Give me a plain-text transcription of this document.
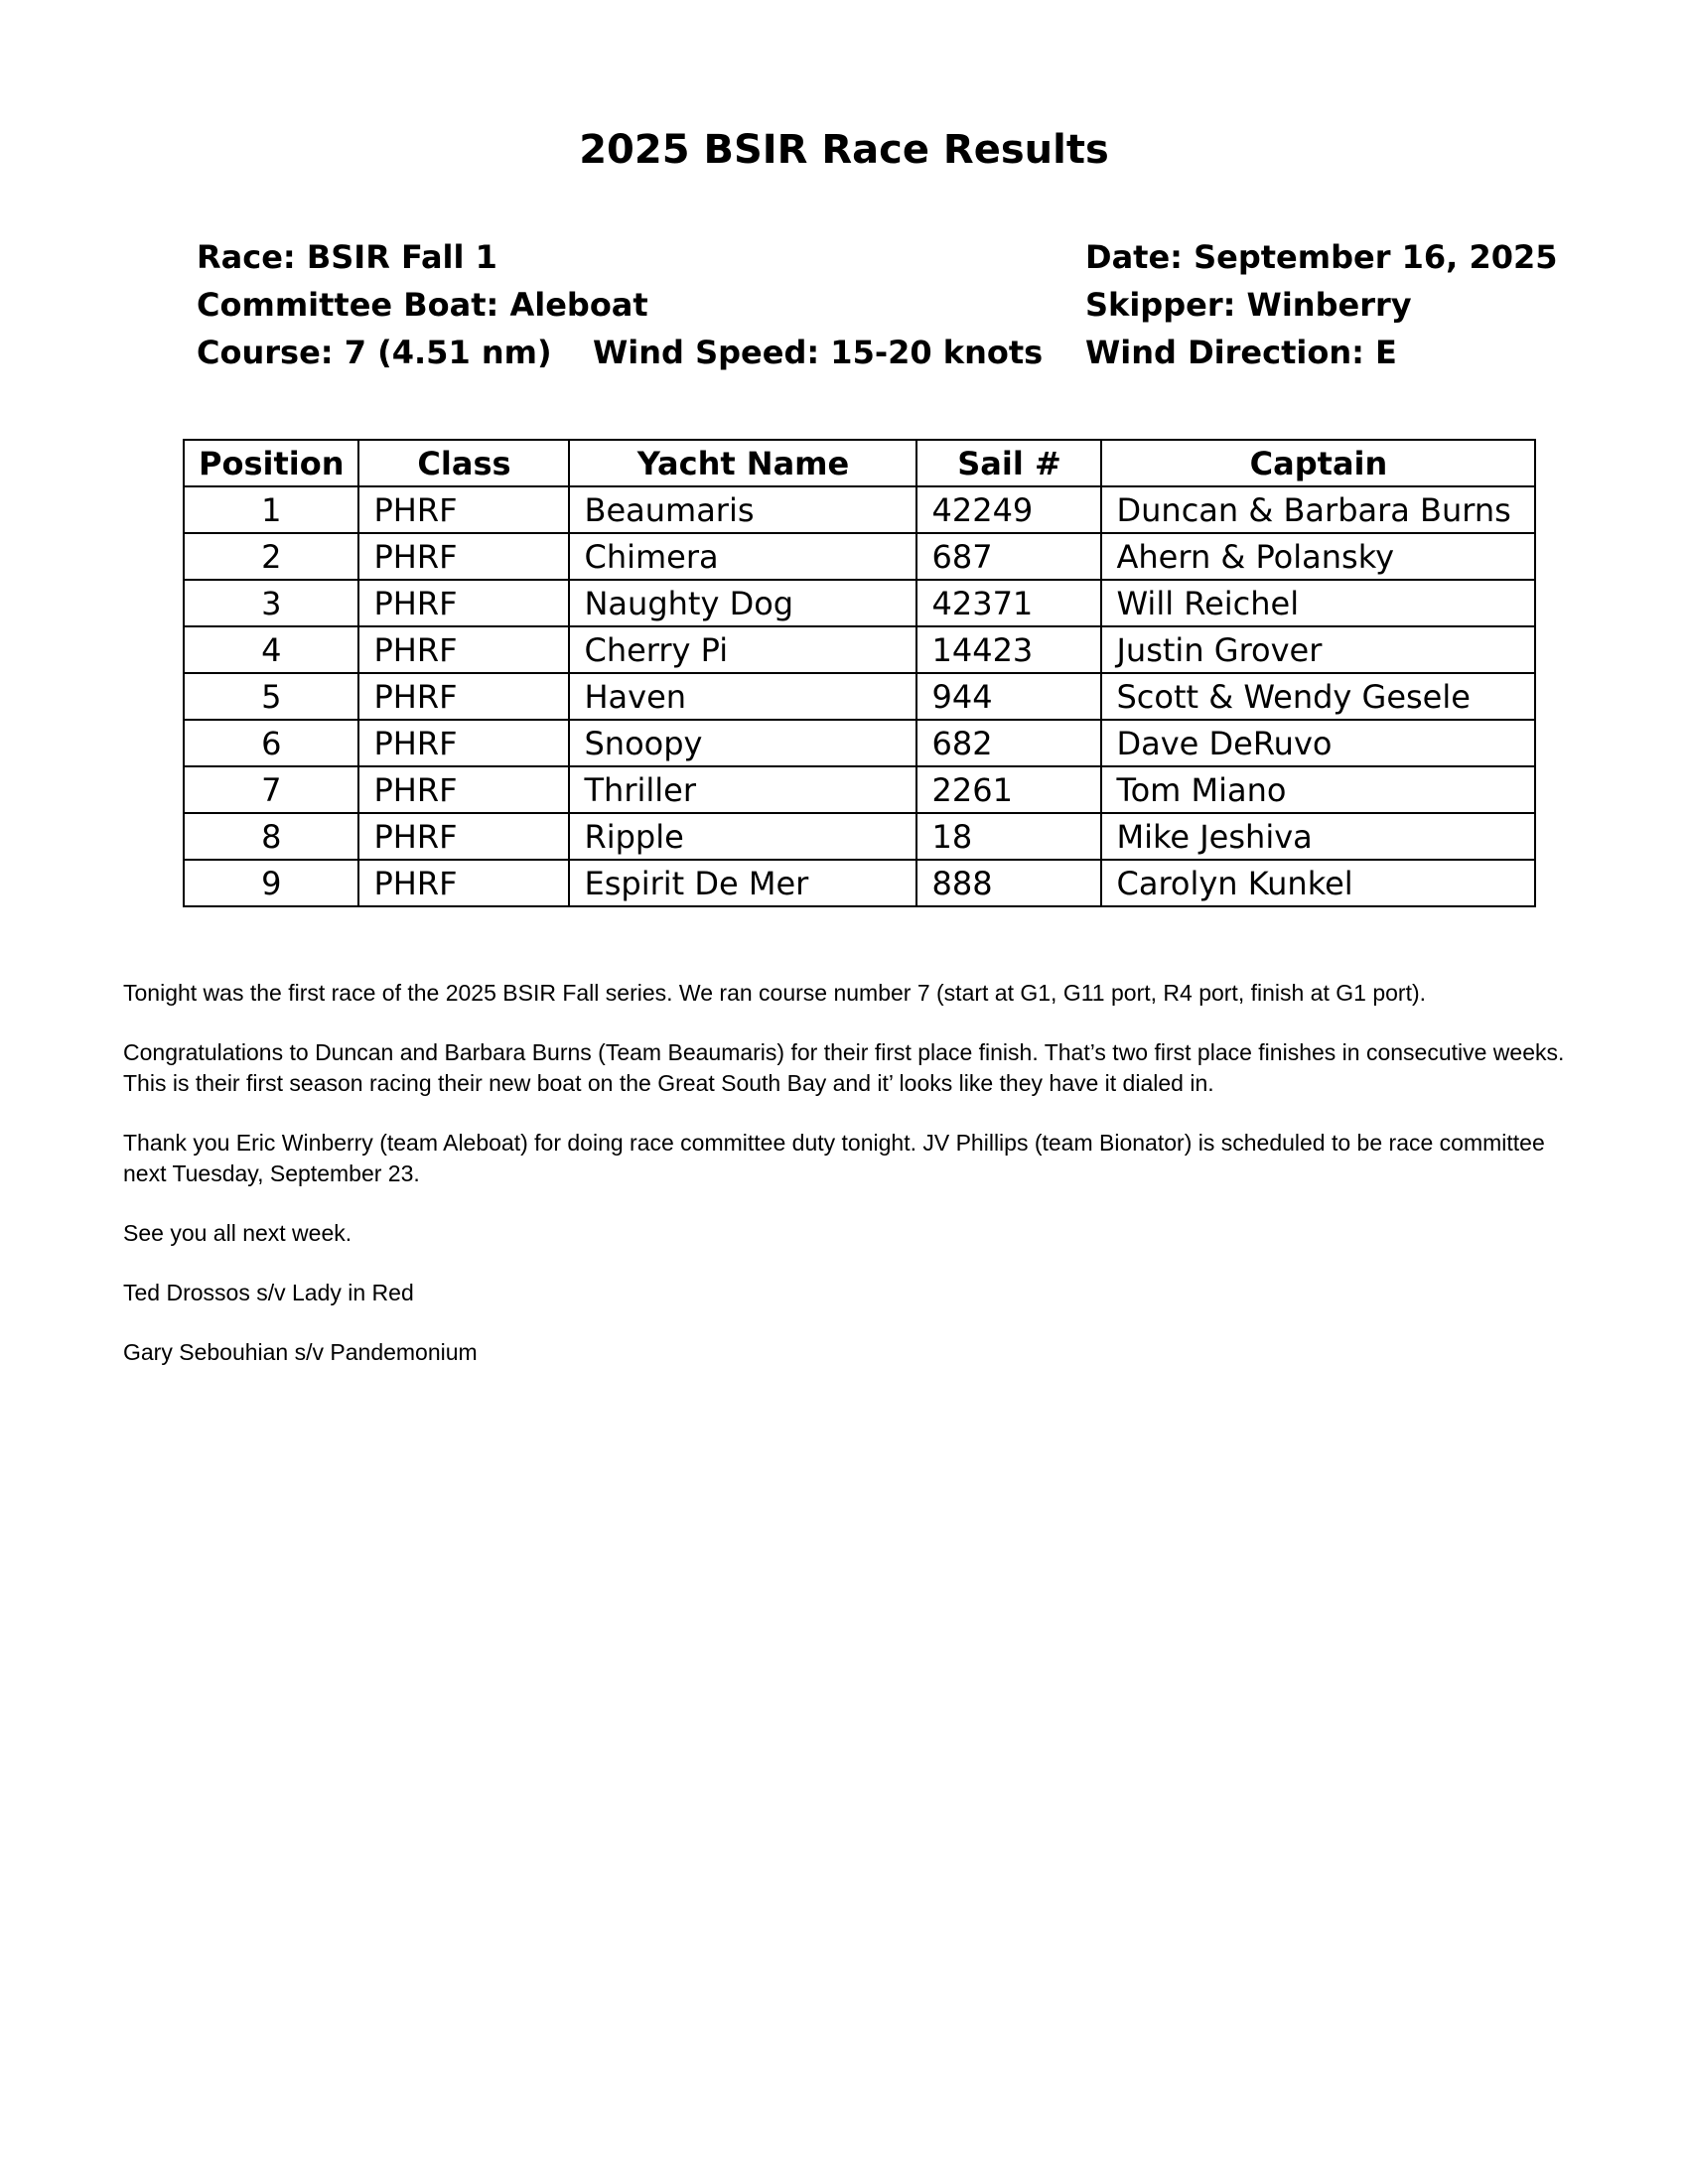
2025 BSIR Race Results
Race: BSIR Fall 1
Committee Boat: Aleboat
Course: 7 (4.51 nm)	Wind Speed: 15-20 knots
Date: September 16, 2025
Skipper: Winberry
Wind Direction: E
Position	Class	Yacht Name	Sail #	Captain
1	PHRF	Beaumaris	42249	Duncan & Barbara Burns
2	PHRF	Chimera	687	Ahern & Polansky
3	PHRF	Naughty Dog	42371	Will Reichel
4	PHRF	Cherry Pi	14423	Justin Grover
5	PHRF	Haven	944	Scott & Wendy Gesele
6	PHRF	Snoopy	682	Dave DeRuvo
7	PHRF	Thriller	2261	Tom Miano
8	PHRF	Ripple	18	Mike Jeshiva
9	PHRF	Espirit De Mer	888	Carolyn Kunkel

Tonight was the first race of the 2025 BSIR Fall series. We ran course number 7 (start at G1, G11 port, R4 port, finish at G1 port).

Congratulations to Duncan and Barbara Burns (Team Beaumaris) for their first place finish. That’s two first place finishes in consecutive weeks. This is their first season racing their new boat on the Great South Bay and it’ looks like they have it dialed in.

Thank you Eric Winberry (team Aleboat) for doing race committee duty tonight. JV Phillips (team Bionator) is scheduled to be race committee next Tuesday, September 23.

See you all next week.

Ted Drossos s/v Lady in Red

Gary Sebouhian s/v Pandemonium
